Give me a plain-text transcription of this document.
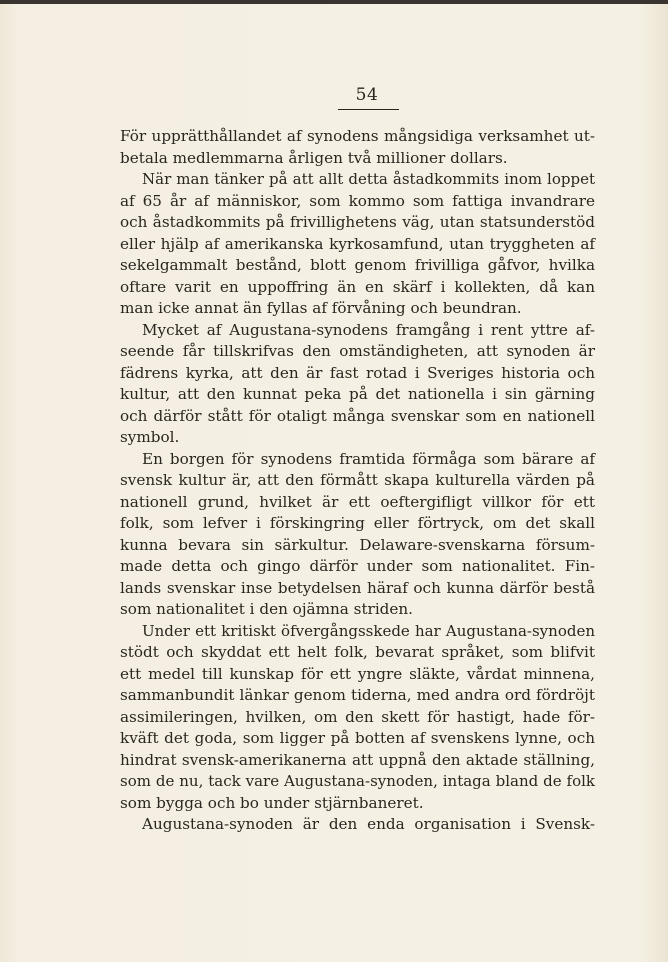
54
För upprätthållandet af synodens mångsidiga verksamhet ut-
betala medlemmarna årligen två millioner dollars.
När man tänker på att allt detta åstadkommits inom loppet
af 65 år af människor, som kommo som fattiga invandrare
och åstadkommits på frivillighetens väg, utan statsunderstöd
eller hjälp af amerikanska kyrkosamfund, utan tryggheten af
sekelgammalt bestånd, blott genom frivilliga gåfvor, hvilka
oftare varit en uppoffring än en skärf i kollekten, då kan
man icke annat än fyllas af förvåning och beundran.
Mycket af Augustana-synodens framgång i rent yttre af-
seende får tillskrifvas den omständigheten, att synoden är
fädrens kyrka, att den är fast rotad i Sveriges historia och
kultur, att den kunnat peka på det nationella i sin gärning
och därför stått för otaligt många svenskar som en nationell
symbol.
En borgen för synodens framtida förmåga som bärare af
svensk kultur är, att den förmått skapa kulturella värden på
nationell grund, hvilket är ett oeftergifligt villkor för ett
folk, som lefver i förskingring eller förtryck, om det skall
kunna bevara sin särkultur. Delaware-svenskarna försum-
made detta och gingo därför under som nationalitet. Fin-
lands svenskar inse betydelsen häraf och kunna därför bestå
som nationalitet i den ojämna striden.
Under ett kritiskt öfvergångsskede har Augustana-synoden
stödt och skyddat ett helt folk, bevarat språket, som blifvit
ett medel till kunskap för ett yngre släkte, vårdat minnena,
sammanbundit länkar genom tiderna, med andra ord fördröjt
assimileringen, hvilken, om den skett för hastigt, hade för-
kväft det goda, som ligger på botten af svenskens lynne, och
hindrat svensk-amerikanerna att uppnå den aktade ställning,
som de nu, tack vare Augustana-synoden, intaga bland de folk
som bygga och bo under stjärnbaneret.
Augustana-synoden är den enda organisation i Svensk-
